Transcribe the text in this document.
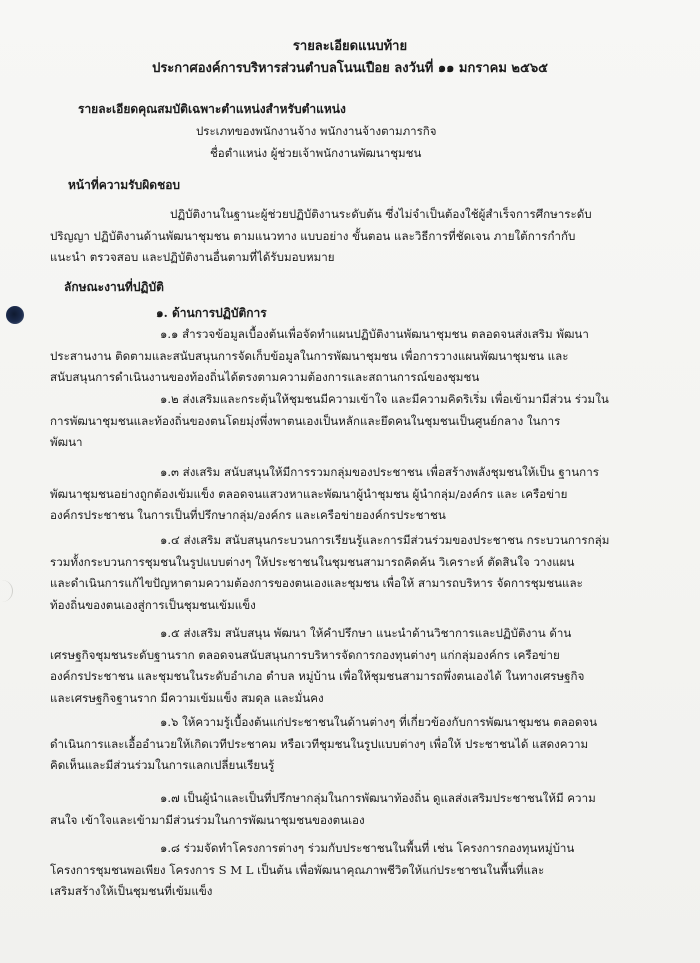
รายละเอียดแนบท้าย
ประกาศองค์การบริหารส่วนตำบลโนนเปือย ลงวันที่ ๑๑ มกราคม ๒๕๖๕
รายละเอียดคุณสมบัติเฉพาะตำแหน่งสำหรับตำแหน่ง
ประเภทของพนักงานจ้าง พนักงานจ้างตามภารกิจ
ชื่อตำแหน่ง ผู้ช่วยเจ้าพนักงานพัฒนาชุมชน
หน้าที่ความรับผิดชอบ
ปฏิบัติงานในฐานะผู้ช่วยปฏิบัติงานระดับต้น ซึ่งไม่จำเป็นต้องใช้ผู้สำเร็จการศึกษาระดับ
ปริญญา ปฏิบัติงานด้านพัฒนาชุมชน ตามแนวทาง แบบอย่าง ขั้นตอน และวิธีการที่ชัดเจน ภายใต้การกำกับ
แนะนำ ตรวจสอบ และปฏิบัติงานอื่นตามที่ได้รับมอบหมาย
ลักษณะงานที่ปฏิบัติ
๑. ด้านการปฏิบัติการ
๑.๑ สำรวจข้อมูลเบื้องต้นเพื่อจัดทำแผนปฏิบัติงานพัฒนาชุมชน ตลอดจนส่งเสริม พัฒนา
ประสานงาน ติดตามและสนับสนุนการจัดเก็บข้อมูลในการพัฒนาชุมชน เพื่อการวางแผนพัฒนาชุมชน และ
สนับสนุนการดำเนินงานของท้องถิ่นได้ตรงตามความต้องการและสถานการณ์ของชุมชน
๑.๒ ส่งเสริมและกระตุ้นให้ชุมชนมีความเข้าใจ และมีความคิดริเริ่ม เพื่อเข้ามามีส่วน ร่วมใน
การพัฒนาชุมชนและท้องถิ่นของตนโดยมุ่งพึ่งพาตนเองเป็นหลักและยึดคนในชุมชนเป็นศูนย์กลาง ในการ
พัฒนา
๑.๓ ส่งเสริม สนับสนุนให้มีการรวมกลุ่มของประชาชน เพื่อสร้างพลังชุมชนให้เป็น ฐานการ
พัฒนาชุมชนอย่างถูกต้องเข้มแข็ง ตลอดจนแสวงหาและพัฒนาผู้นำชุมชน ผู้นำกลุ่ม/องค์กร และ เครือข่าย
องค์กรประชาชน ในการเป็นที่ปรึกษากลุ่ม/องค์กร และเครือข่ายองค์กรประชาชน
๑.๔ ส่งเสริม สนับสนุนกระบวนการเรียนรู้และการมีส่วนร่วมของประชาชน กระบวนการกลุ่ม
รวมทั้งกระบวนการชุมชนในรูปแบบต่างๆ ให้ประชาชนในชุมชนสามารถคิดค้น วิเคราะห์ ตัดสินใจ วางแผน
และดำเนินการแก้ไขปัญหาตามความต้องการของตนเองและชุมชน เพื่อให้ สามารถบริหาร จัดการชุมชนและ
ท้องถิ่นของตนเองสู่การเป็นชุมชนเข้มแข็ง
๑.๕ ส่งเสริม สนับสนุน พัฒนา ให้คำปรึกษา แนะนำด้านวิชาการและปฏิบัติงาน ด้าน
เศรษฐกิจชุมชนระดับฐานราก ตลอดจนสนับสนุนการบริหารจัดการกองทุนต่างๆ แก่กลุ่มองค์กร เครือข่าย
องค์กรประชาชน และชุมชนในระดับอำเภอ ตำบล หมู่บ้าน เพื่อให้ชุมชนสามารถพึ่งตนเองได้ ในทางเศรษฐกิจ
และเศรษฐกิจฐานราก มีความเข้มแข็ง สมดุล และมั่นคง
๑.๖ ให้ความรู้เบื้องต้นแก่ประชาชนในด้านต่างๆ ที่เกี่ยวข้องกับการพัฒนาชุมชน ตลอดจน
ดำเนินการและเอื้ออำนวยให้เกิดเวทีประชาคม หรือเวทีชุมชนในรูปแบบต่างๆ เพื่อให้ ประชาชนได้ แสดงความ
คิดเห็นและมีส่วนร่วมในการแลกเปลี่ยนเรียนรู้
๑.๗ เป็นผู้นำและเป็นที่ปรึกษากลุ่มในการพัฒนาท้องถิ่น ดูแลส่งเสริมประชาชนให้มี ความ
สนใจ เข้าใจและเข้ามามีส่วนร่วมในการพัฒนาชุมชนของตนเอง
๑.๘ ร่วมจัดทำโครงการต่างๆ ร่วมกับประชาชนในพื้นที่ เช่น โครงการกองทุนหมู่บ้าน
โครงการชุมชนพอเพียง โครงการ S M L เป็นต้น เพื่อพัฒนาคุณภาพชีวิตให้แก่ประชาชนในพื้นที่และ
เสริมสร้างให้เป็นชุมชนที่เข้มแข็ง
